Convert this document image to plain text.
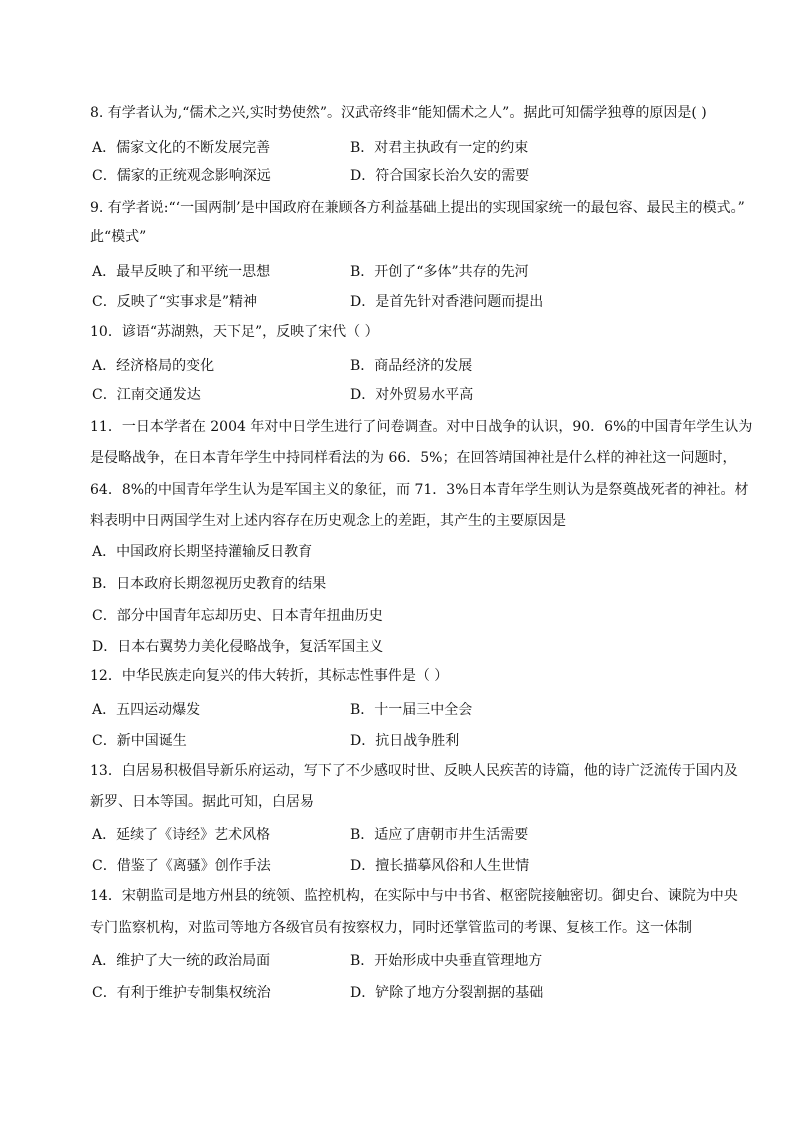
8. 有学者认为,“儒术之兴,实时势使然”。汉武帝终非“能知儒术之人”。据此可知儒学独尊的原因是( )
A．儒家文化的不断发展完善	B．对君主执政有一定的约束
C．儒家的正统观念影响深远	D．符合国家长治久安的需要
9. 有学者说:“‘一国两制’是中国政府在兼顾各方利益基础上提出的实现国家统一的最包容、最民主的模式。”
此“模式”
A．最早反映了和平统一思想	B．开创了“多体”共存的先河
C．反映了“实事求是”精神	D．是首先针对香港问题而提出
10．谚语“苏湖熟，天下足”，反映了宋代（ ）
A．经济格局的变化	B．商品经济的发展
C．江南交通发达	D．对外贸易水平高
11．一日本学者在 2004 年对中日学生进行了问卷调查。对中日战争的认识，90．6%的中国青年学生认为
是侵略战争，在日本青年学生中持同样看法的为 66．5%；在回答靖国神社是什么样的神社这一问题时，
64．8%的中国青年学生认为是军国主义的象征，而 71．3%日本青年学生则认为是祭奠战死者的神社。材
料表明中日两国学生对上述内容存在历史观念上的差距，其产生的主要原因是
A．中国政府长期坚持灌输反日教育
B．日本政府长期忽视历史教育的结果
C．部分中国青年忘却历史、日本青年扭曲历史
D．日本右翼势力美化侵略战争，复活军国主义
12．中华民族走向复兴的伟大转折，其标志性事件是（ ）
A．五四运动爆发	B．十一届三中全会
C．新中国诞生	D．抗日战争胜利
13．白居易积极倡导新乐府运动，写下了不少感叹时世、反映人民疾苦的诗篇，他的诗广泛流传于国内及
新罗、日本等国。据此可知，白居易
A．延续了《诗经》艺术风格	B．适应了唐朝市井生活需要
C．借鉴了《离骚》创作手法	D．擅长描摹风俗和人生世情
14．宋朝监司是地方州县的统领、监控机构，在实际中与中书省、枢密院接触密切。御史台、谏院为中央
专门监察机构，对监司等地方各级官员有按察权力，同时还掌管监司的考课、复核工作。这一体制
A．维护了大一统的政治局面	B．开始形成中央垂直管理地方
C．有利于维护专制集权统治	D．铲除了地方分裂割据的基础
